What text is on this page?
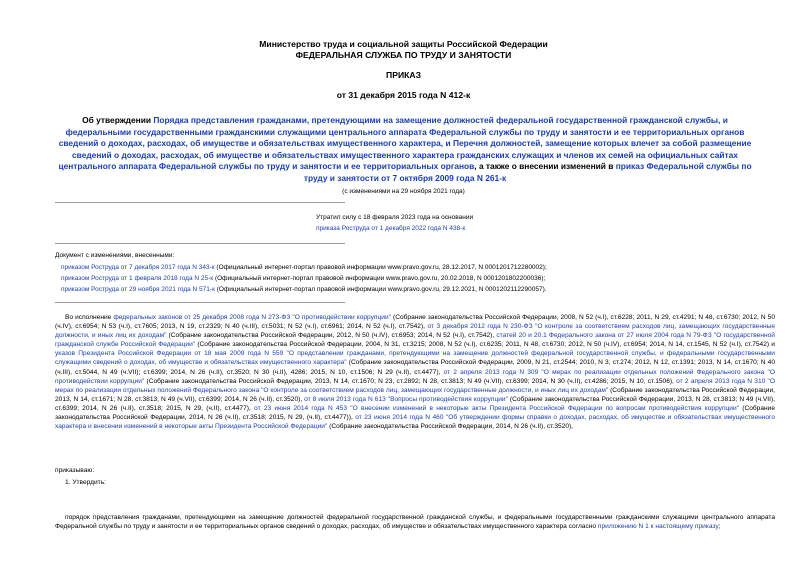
Министерство труда и социальной защиты Российской Федерации
ФЕДЕРАЛЬНАЯ СЛУЖБА ПО ТРУДУ И ЗАНЯТОСТИ
ПРИКАЗ
от 31 декабря 2015 года N 412-к
Об утверждении Порядка представления гражданами, претендующими на замещение должностей федеральной государственной гражданской службы, и федеральными государственными гражданскими служащими центрального аппарата Федеральной службы по труду и занятости и ее территориальных органов сведений о доходах, расходах, об имуществе и обязательствах имущественного характера, и Перечня должностей, замещение которых влечет за собой размещение сведений о доходах, расходах, об имуществе и обязательствах имущественного характера гражданских служащих и членов их семей на официальных сайтах центрального аппарата Федеральной службы по труду и занятости и ее территориальных органов, а также о внесении изменений в приказ Федеральной службы по труду и занятости от 7 октября 2009 года N 261-к
(с изменениями на 29 ноября 2021 года)
Утратил силу с 18 февраля 2023 года на основании
приказа Роструда от 1 декабря 2022 года N 438-к
Документ с изменениями, внесенными:
приказом Роструда от 7 декабря 2017 года N 343-к (Официальный интернет-портал правовой информации www.pravo.gov.ru, 28.12.2017, N 0001201712280002);
приказом Роструда от 1 февраля 2018 года N 25-к (Официальный интернет-портал правовой информации www.pravo.gov.ru, 20.02.2018, N 0001201802200036);
приказом Роструда от 29 ноября 2021 года N 571-к (Официальный интернет-портал правовой информации www.pravo.gov.ru, 29.12.2021, N 0001202112290057).
Во исполнение федеральных законов от 25 декабря 2008 года N 273-ФЗ "О противодействии коррупции" (Собрание законодательства Российской Федерации, 2008, N 52 (ч.I), ст.6228; 2011, N 29, ст.4291; N 48, ст.6730; 2012, N 50 (ч.IV), ст.6954; N 53 (ч.I), ст.7605; 2013, N 19, ст.2329; N 40 (ч.III), ст.5031; N 52 (ч.I), ст.6961; 2014, N 52 (ч.I), ст.7542), от 3 декабря 2012 года N 230-ФЗ "О контроле за соответствием расходов лиц, замещающих государственные должности, и иных лиц их доходам" (Собрание законодательства Российской Федерации, 2012, N 50 (ч.IV), ст.6953; 2014, N 52 (ч.I), ст.7542), статей 20 и 20.1 Федерального закона от 27 июля 2004 года N 79-ФЗ "О государственной гражданской службе Российской Федерации" (Собрание законодательства Российской Федерации, 2004, N 31, ст.3215; 2008, N 52 (ч.I), ст.6235; 2011, N 48, ст.6730; 2012, N 50 (ч.IV), ст.6954; 2014, N 14, ст.1545, N 52 (ч.I), ст.7542) и указов Президента Российской Федерации от 18 мая 2009 года N 559 "О представлении гражданами, претендующими на замещение должностей федеральной государственной службы, и федеральными государственными служащими сведений о доходах, об имуществе и обязательствах имущественного характера" (Собрание законодательства Российской Федерации, 2009, N 21, ст.2544; 2010, N 3, ст.274; 2012, N 12, ст.1391; 2013, N 14, ст.1670; N 40 (ч.III), ст.5044, N 49 (ч.VII); ст.6399; 2014, N 26 (ч.II), ст.3520; N 30 (ч.II), 4286; 2015, N 10, ст.1506; N 29 (ч.II), ст.4477), от 2 апреля 2013 года N 309 "О мерах по реализации отдельных положений Федерального закона "О противодействии коррупции" (Собрание законодательства Российской Федерации, 2013, N 14, ст.1670; N 23, ст.2892; N 28, ст.3813; N 49 (ч.VII), ст.6399; 2014, N 30 (ч.II), ст.4286; 2015, N 10, ст.1506), от 2 апреля 2013 года N 310 "О мерах по реализации отдельных положений Федерального закона "О контроле за соответствием расходов лиц, замещающих государственные должности, и иных лиц их доходам" (Собрание законодательства Российской Федерации, 2013, N 14, ст.1671; N 28, ст.3813; N 49 (ч.VII), ст.6399; 2014, N 26 (ч.II), ст.3520), от 8 июля 2013 года N 613 "Вопросы противодействия коррупции" (Собрание законодательства Российской Федерации, 2013, N 28, ст.3813; N 49 (ч.VII), ст.6399; 2014, N 26 (ч.II), ст.3518; 2015, N 29, (ч.II), ст.4477), от 23 июня 2014 года N 453 "О внесении изменений в некоторые акты Президента Российской Федерации по вопросам противодействия коррупции" (Собрание законодательства Российской Федерации, 2014, N 26 (ч.II), ст.3518; 2015, N 29, (ч.II), ст.4477)), от 23 июня 2014 года N 460 "Об утверждении формы справки о доходах, расходах, об имуществе и обязательствах имущественного характера и внесении изменений в некоторые акты Президента Российской Федерации" (Собрание законодательства Российской Федерации, 2014, N 26 (ч.II), ст.3520),
приказываю:
1. Утвердить:
порядок представления гражданами, претендующими на замещение должностей федеральной государственной гражданской службы, и федеральными государственными гражданскими служащими центрального аппарата Федеральной службы по труду и занятости и ее территориальных органов сведений о доходах, расходах, об имуществе и обязательствах имущественного характера согласно приложению N 1 к настоящему приказу;
